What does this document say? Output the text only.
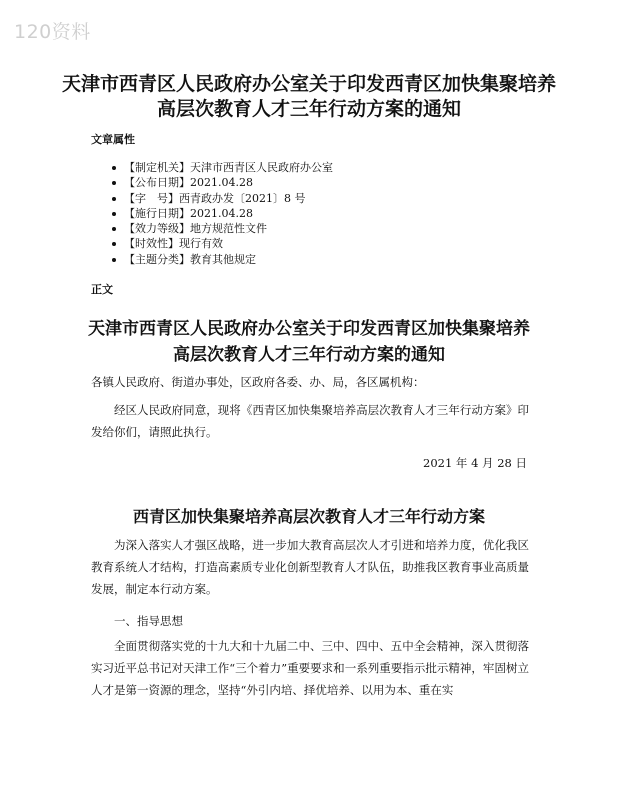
120资料
天津市西青区人民政府办公室关于印发西青区加快集聚培养高层次教育人才三年行动方案的通知
文章属性
【制定机关】天津市西青区人民政府办公室
【公布日期】2021.04.28
【字　号】西青政办发〔2021〕8 号
【施行日期】2021.04.28
【效力等级】地方规范性文件
【时效性】现行有效
【主题分类】教育其他规定
正文
天津市西青区人民政府办公室关于印发西青区加快集聚培养高层次教育人才三年行动方案的通知

各镇人民政府、街道办事处，区政府各委、办、局，各区属机构：

经区人民政府同意，现将《西青区加快集聚培养高层次教育人才三年行动方案》印发给你们，请照此执行。

2021 年 4 月 28 日

西青区加快集聚培养高层次教育人才三年行动方案

为深入落实人才强区战略，进一步加大教育高层次人才引进和培养力度，优化我区教育系统人才结构，打造高素质专业化创新型教育人才队伍，助推我区教育事业高质量发展，制定本行动方案。

一、指导思想

全面贯彻落实党的十九大和十九届二中、三中、四中、五中全会精神，深入贯彻落实习近平总书记对天津工作“三个着力”重要要求和一系列重要指示批示精神，牢固树立人才是第一资源的理念，坚持“外引内培、择优培养、以用为本、重在实
